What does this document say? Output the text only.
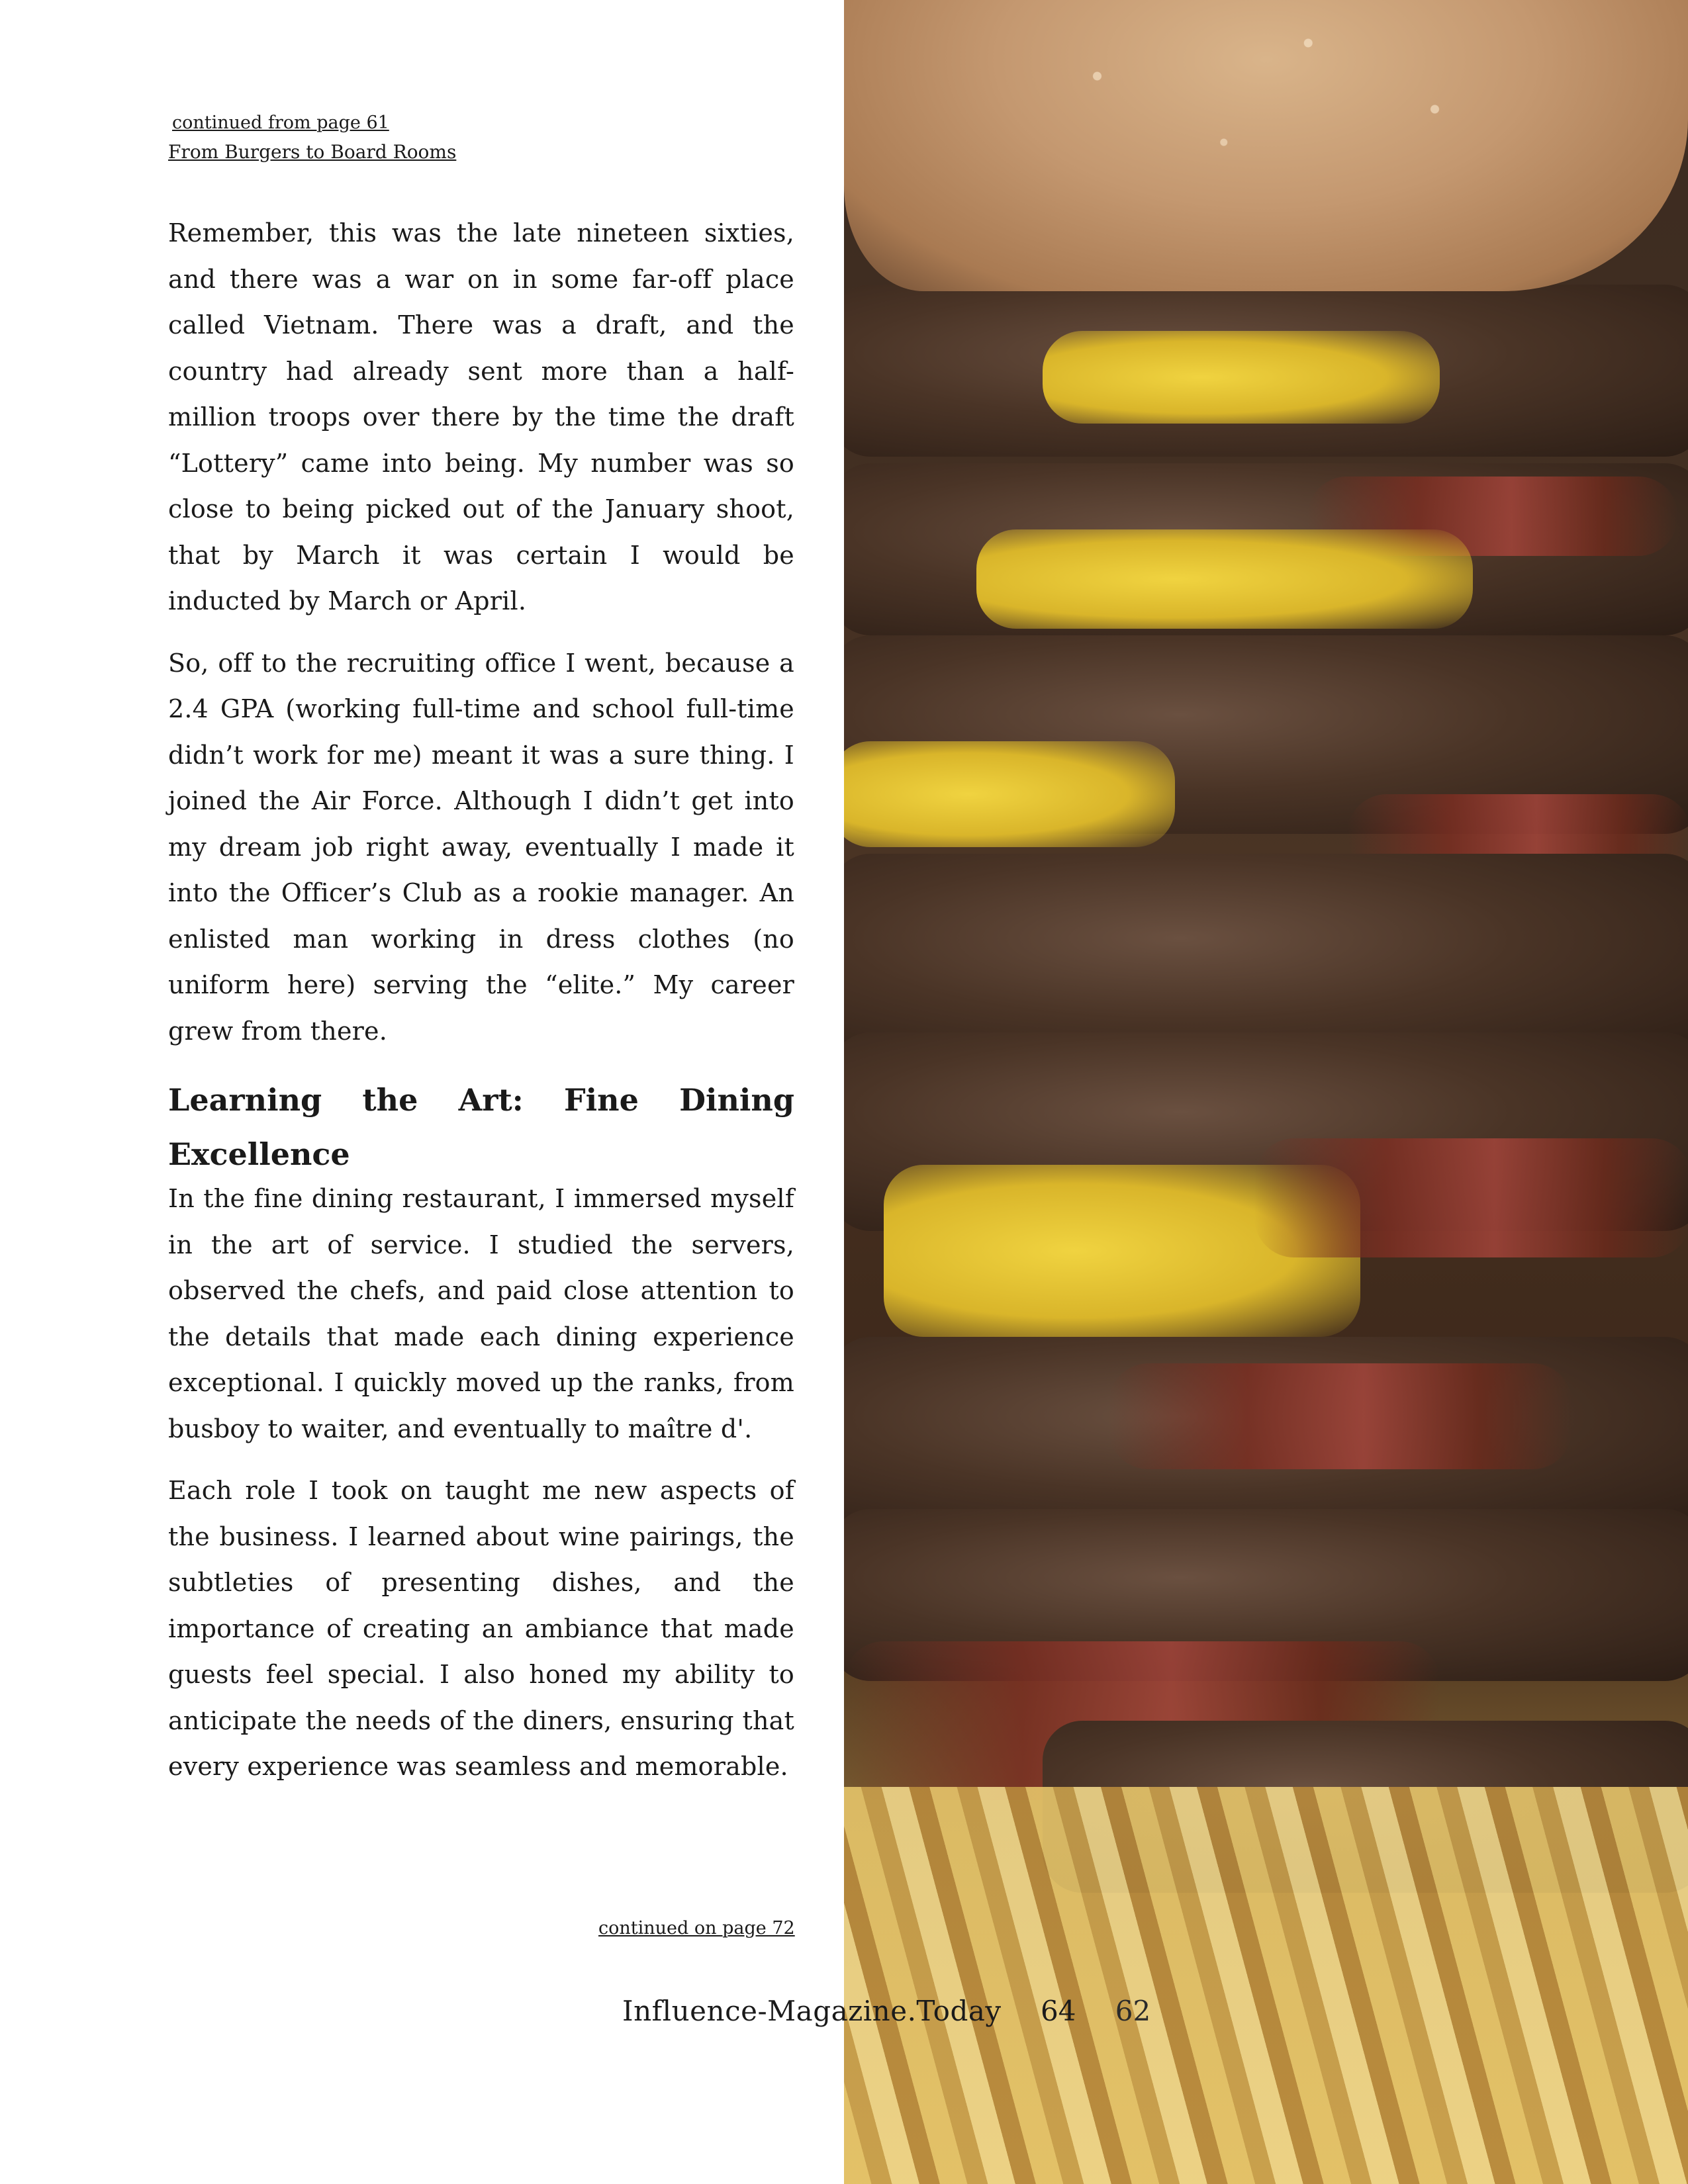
continued from page 61
From Burgers to Board Rooms

Remember, this was the late nineteen sixties, and there was a war on in some far-off place called Vietnam. There was a draft, and the country had already sent more than a half-million troops over there by the time the draft “Lottery” came into being. My number was so close to being picked out of the January shoot, that by March it was certain I would be inducted by March or April.

So, off to the recruiting office I went, because a 2.4 GPA (working full-time and school full-time didn’t work for me) meant it was a sure thing. I joined the Air Force. Although I didn’t get into my dream job right away, eventually I made it into the Officer’s Club as a rookie manager. An enlisted man working in dress clothes (no uniform here) serving the “elite.” My career grew from there.

Learning the Art: Fine Dining Excellence

In the fine dining restaurant, I immersed myself in the art of service. I studied the servers, observed the chefs, and paid close attention to the details that made each dining experience exceptional. I quickly moved up the ranks, from busboy to waiter, and eventually to maître d'.

Each role I took on taught me new aspects of the business. I learned about wine pairings, the subtleties of presenting dishes, and the importance of creating an ambiance that made guests feel special. I also honed my ability to anticipate the needs of the diners, ensuring that every experience was seamless and memorable.

continued on page 72
Influence-Magazine.Today 64 62
